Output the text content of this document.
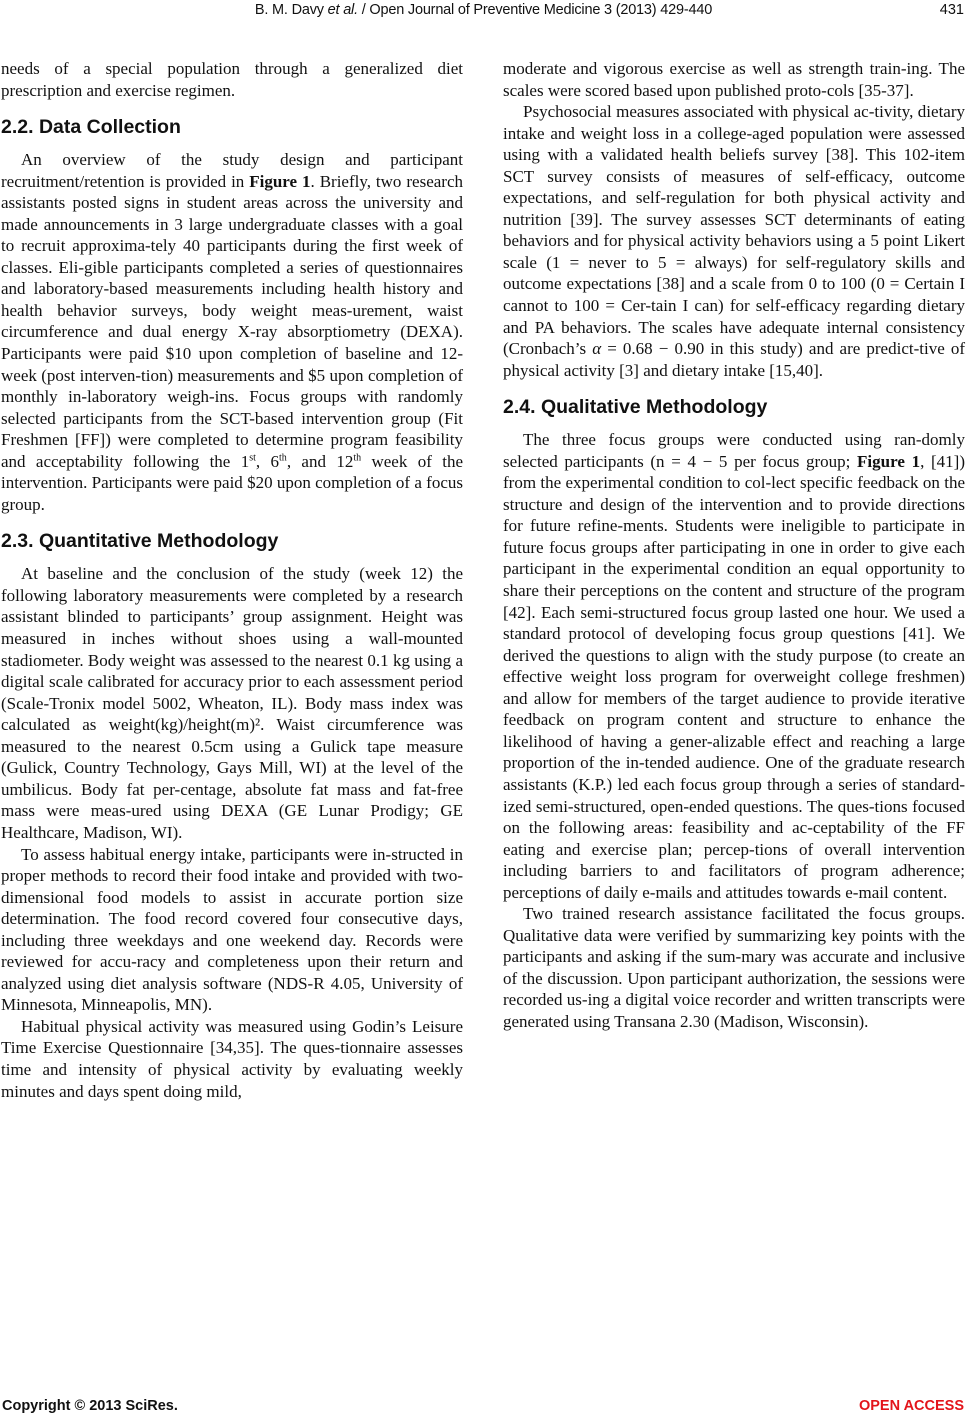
B. M. Davy et al. / Open Journal of Preventive Medicine 3 (2013) 429-440	431

needs of a special population through a generalized diet prescription and exercise regimen.

2.2. Data Collection

An overview of the study design and participant recruitment/retention is provided in Figure 1. Briefly, two research assistants posted signs in student areas across the university and made announcements in 3 large undergraduate classes with a goal to recruit approxima-tely 40 participants during the first week of classes. Eli-gible participants completed a series of questionnaires and laboratory-based measurements including health history and health behavior surveys, body weight meas-urement, waist circumference and dual energy X-ray absorptiometry (DEXA). Participants were paid $10 upon completion of baseline and 12-week (post interven-tion) measurements and $5 upon completion of monthly in-laboratory weigh-ins. Focus groups with randomly selected participants from the SCT-based intervention group (Fit Freshmen [FF]) were completed to determine program feasibility and acceptability following the 1st, 6th, and 12th week of the intervention. Participants were paid $20 upon completion of a focus group.

2.3. Quantitative Methodology

At baseline and the conclusion of the study (week 12) the following laboratory measurements were completed by a research assistant blinded to participants’ group assignment. Height was measured in inches without shoes using a wall-mounted stadiometer. Body weight was assessed to the nearest 0.1 kg using a digital scale calibrated for accuracy prior to each assessment period (Scale-Tronix model 5002, Wheaton, IL). Body mass index was calculated as weight(kg)/height(m)². Waist circumference was measured to the nearest 0.5cm using a Gulick tape measure (Gulick, Country Technology, Gays Mill, WI) at the level of the umbilicus. Body fat per-centage, absolute fat mass and fat-free mass were meas-ured using DEXA (GE Lunar Prodigy; GE Healthcare, Madison, WI).

To assess habitual energy intake, participants were in-structed in proper methods to record their food intake and provided with two-dimensional food models to assist in accurate portion size determination. The food record covered four consecutive days, including three weekdays and one weekend day. Records were reviewed for accu-racy and completeness upon their return and analyzed using diet analysis software (NDS-R 4.05, University of Minnesota, Minneapolis, MN).

Habitual physical activity was measured using Godin’s Leisure Time Exercise Questionnaire [34,35]. The ques-tionnaire assesses time and intensity of physical activity by evaluating weekly minutes and days spent doing mild,

moderate and vigorous exercise as well as strength train-ing. The scales were scored based upon published proto-cols [35-37].

Psychosocial measures associated with physical ac-tivity, dietary intake and weight loss in a college-aged population were assessed using with a validated health beliefs survey [38]. This 102-item SCT survey consists of measures of self-efficacy, outcome expectations, and self-regulation for both physical activity and nutrition [39]. The survey assesses SCT determinants of eating behaviors and for physical activity behaviors using a 5 point Likert scale (1 = never to 5 = always) for self-regulatory skills and outcome expectations [38] and a scale from 0 to 100 (0 = Certain I cannot to 100 = Cer-tain I can) for self-efficacy regarding dietary and PA behaviors. The scales have adequate internal consistency (Cronbach’s α = 0.68 − 0.90 in this study) and are predict-tive of physical activity [3] and dietary intake [15,40].

2.4. Qualitative Methodology

The three focus groups were conducted using ran-domly selected participants (n = 4 − 5 per focus group; Figure 1, [41]) from the experimental condition to col-lect specific feedback on the structure and design of the intervention and to provide directions for future refine-ments. Students were ineligible to participate in future focus groups after participating in one in order to give each participant in the experimental condition an equal opportunity to share their perceptions on the content and structure of the program [42]. Each semi-structured focus group lasted one hour. We used a standard protocol of developing focus group questions [41]. We derived the questions to align with the study purpose (to create an effective weight loss program for overweight college freshmen) and allow for members of the target audience to provide iterative feedback on program content and structure to enhance the likelihood of having a gener-alizable effect and reaching a large proportion of the in-tended audience. One of the graduate research assistants (K.P.) led each focus group through a series of standard-ized semi-structured, open-ended questions. The ques-tions focused on the following areas: feasibility and ac-ceptability of the FF eating and exercise plan; percep-tions of overall intervention including barriers to and facilitators of program adherence; perceptions of daily e-mails and attitudes towards e-mail content.

Two trained research assistance facilitated the focus groups. Qualitative data were verified by summarizing key points with the participants and asking if the sum-mary was accurate and inclusive of the discussion. Upon participant authorization, the sessions were recorded us-ing a digital voice recorder and written transcripts were generated using Transana 2.30 (Madison, Wisconsin).

Copyright © 2013 SciRes.	OPEN ACCESS
